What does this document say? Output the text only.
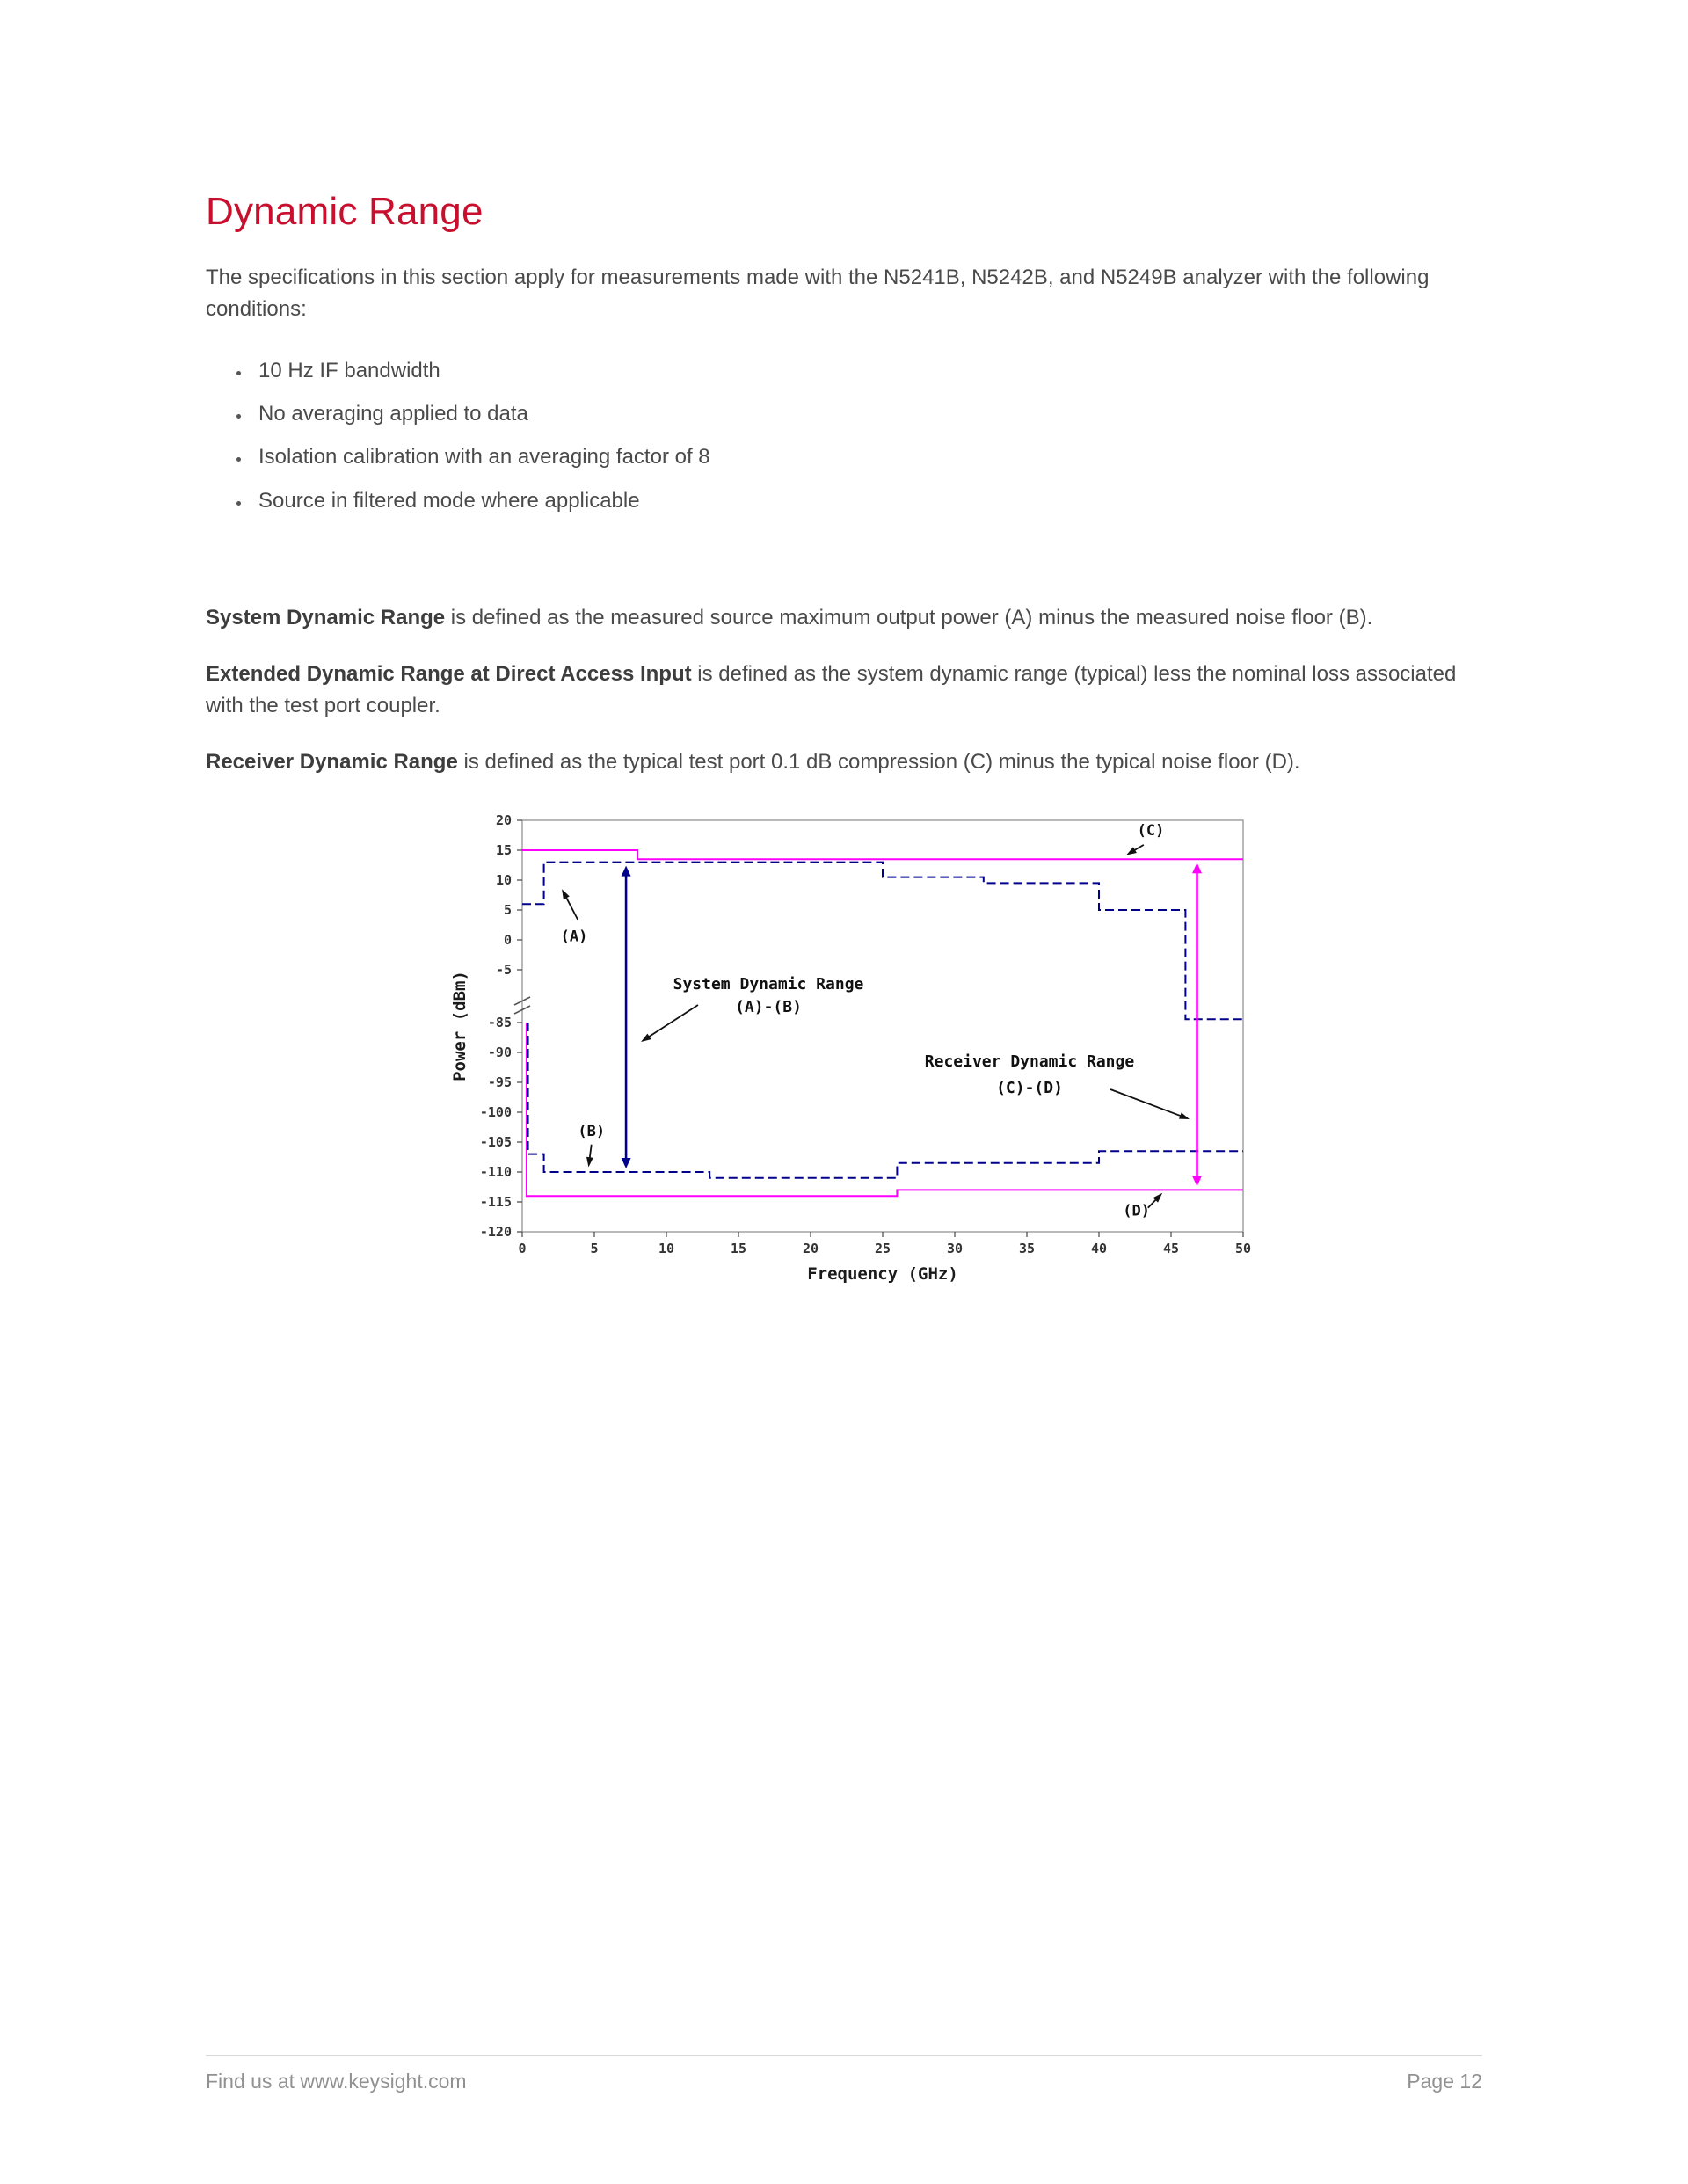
Dynamic Range

The specifications in this section apply for measurements made with the N5241B, N5242B, and N5249B analyzer with the following conditions:

• 10 Hz IF bandwidth
• No averaging applied to data
• Isolation calibration with an averaging factor of 8
• Source in filtered mode where applicable

System Dynamic Range is defined as the measured source maximum output power (A) minus the measured noise floor (B).

Extended Dynamic Range at Direct Access Input is defined as the system dynamic range (typical) less the nominal loss associated with the test port coupler.

Receiver Dynamic Range is defined as the typical test port 0.1 dB compression (C) minus the typical noise floor (D).

0	5	10	15	20	25	30	35	40	45	50
20
15
10
5
0
-5
-85
-90
-95
-100
-105
-110
-115
-120
Frequency (GHz)
Power (dBm)
(A)
(C)
(B)
(D)
System Dynamic Range
(A)-(B)
Receiver Dynamic Range
(C)-(D)
Find us at www.keysight.com	Page 12
